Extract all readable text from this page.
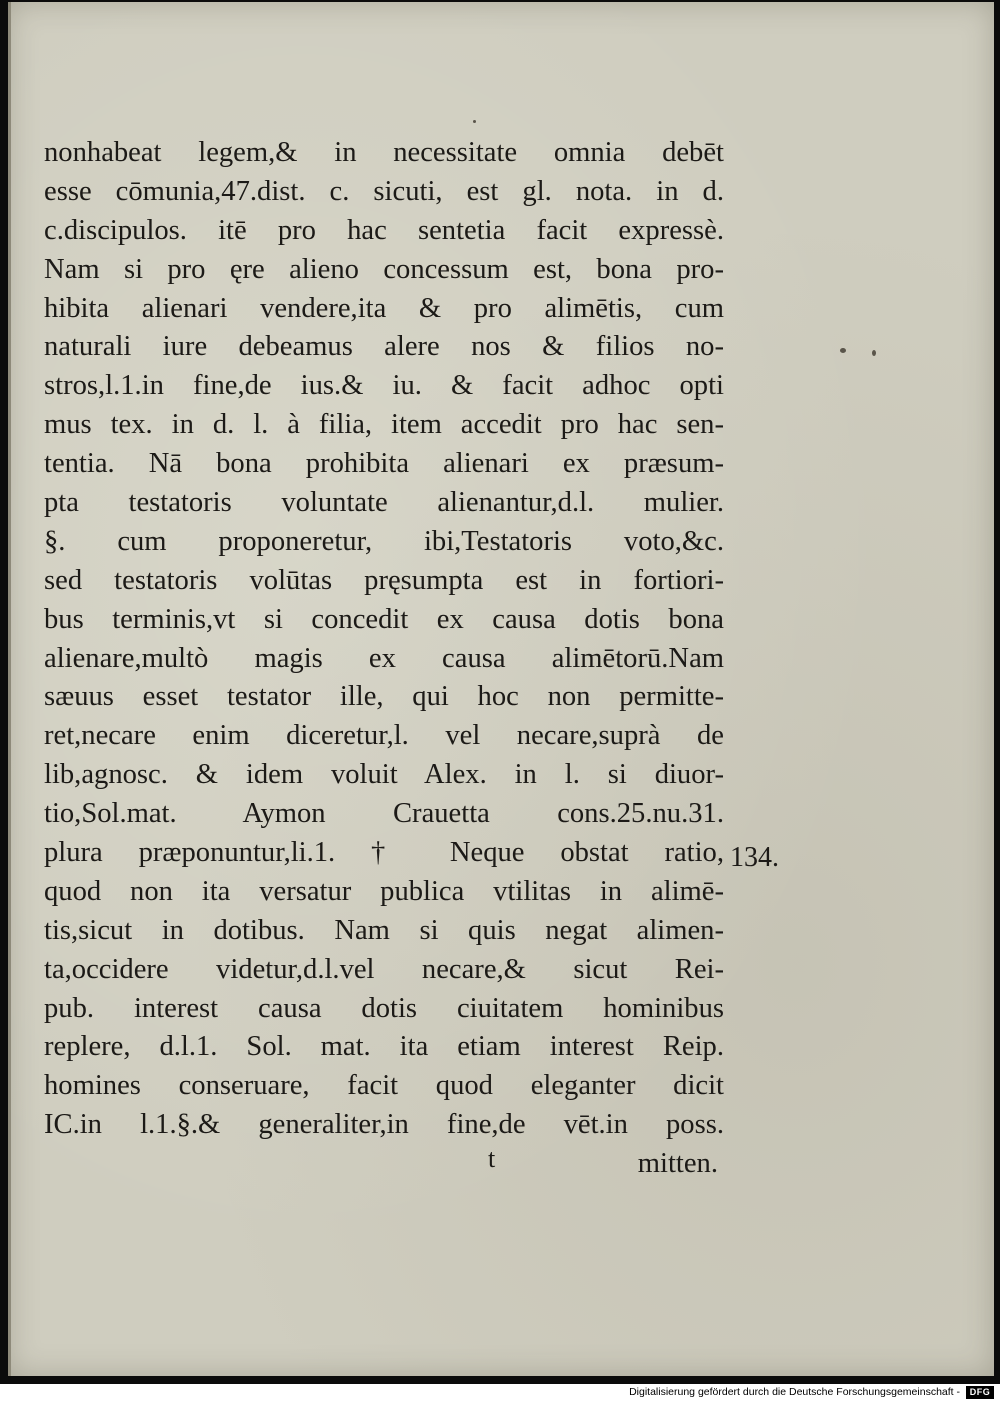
nonhabeat legem,& in necessitate omnia debēt
esse cōmunia,47.dist. c. sicuti, est gl. nota. in d.
c.discipulos. itē pro hac sentetia facit expressè.
Nam si pro ęre alieno concessum est, bona pro-
hibita alienari vendere,ita & pro alimētis, cum
naturali iure debeamus alere nos & filios no-
stros,l.1.in fine,de ius.& iu. & facit adhoc opti
mus tex. in d. l. à filia, item accedit pro hac sen-
tentia. Nā bona prohibita alienari ex præsum-
pta testatoris voluntate alienantur,d.l. mulier.
§. cum proponeretur, ibi,Testatoris voto,&c.
sed testatoris volūtas pręsumpta est in fortiori-
bus terminis,vt si concedit ex causa dotis bona
alienare,multò magis ex causa alimētorū.Nam
sæuus esset testator ille, qui hoc non permitte-
ret,necare enim diceretur,l. vel necare,suprà de
lib,agnosc. & idem voluit Alex. in l. si diuor-
tio,Sol.mat. Aymon Crauetta cons.25.nu.31.
plura præponuntur,li.1. † Neque obstat ratio,
quod non ita versatur publica vtilitas in alimē-
tis,sicut in dotibus. Nam si quis negat alimen-
ta,occidere videtur,d.l.vel necare,& sicut Rei-
pub. interest causa dotis ciuitatem hominibus
replere, d.l.1. Sol. mat. ita etiam interest Reip.
homines conseruare, facit quod eleganter dicit
IC.in l.1.§.& generaliter,in fine,de vēt.in poss.
mitten.
t
134.
Digitalisierung gefördert durch die Deutsche Forschungsgemeinschaft -	DFG
